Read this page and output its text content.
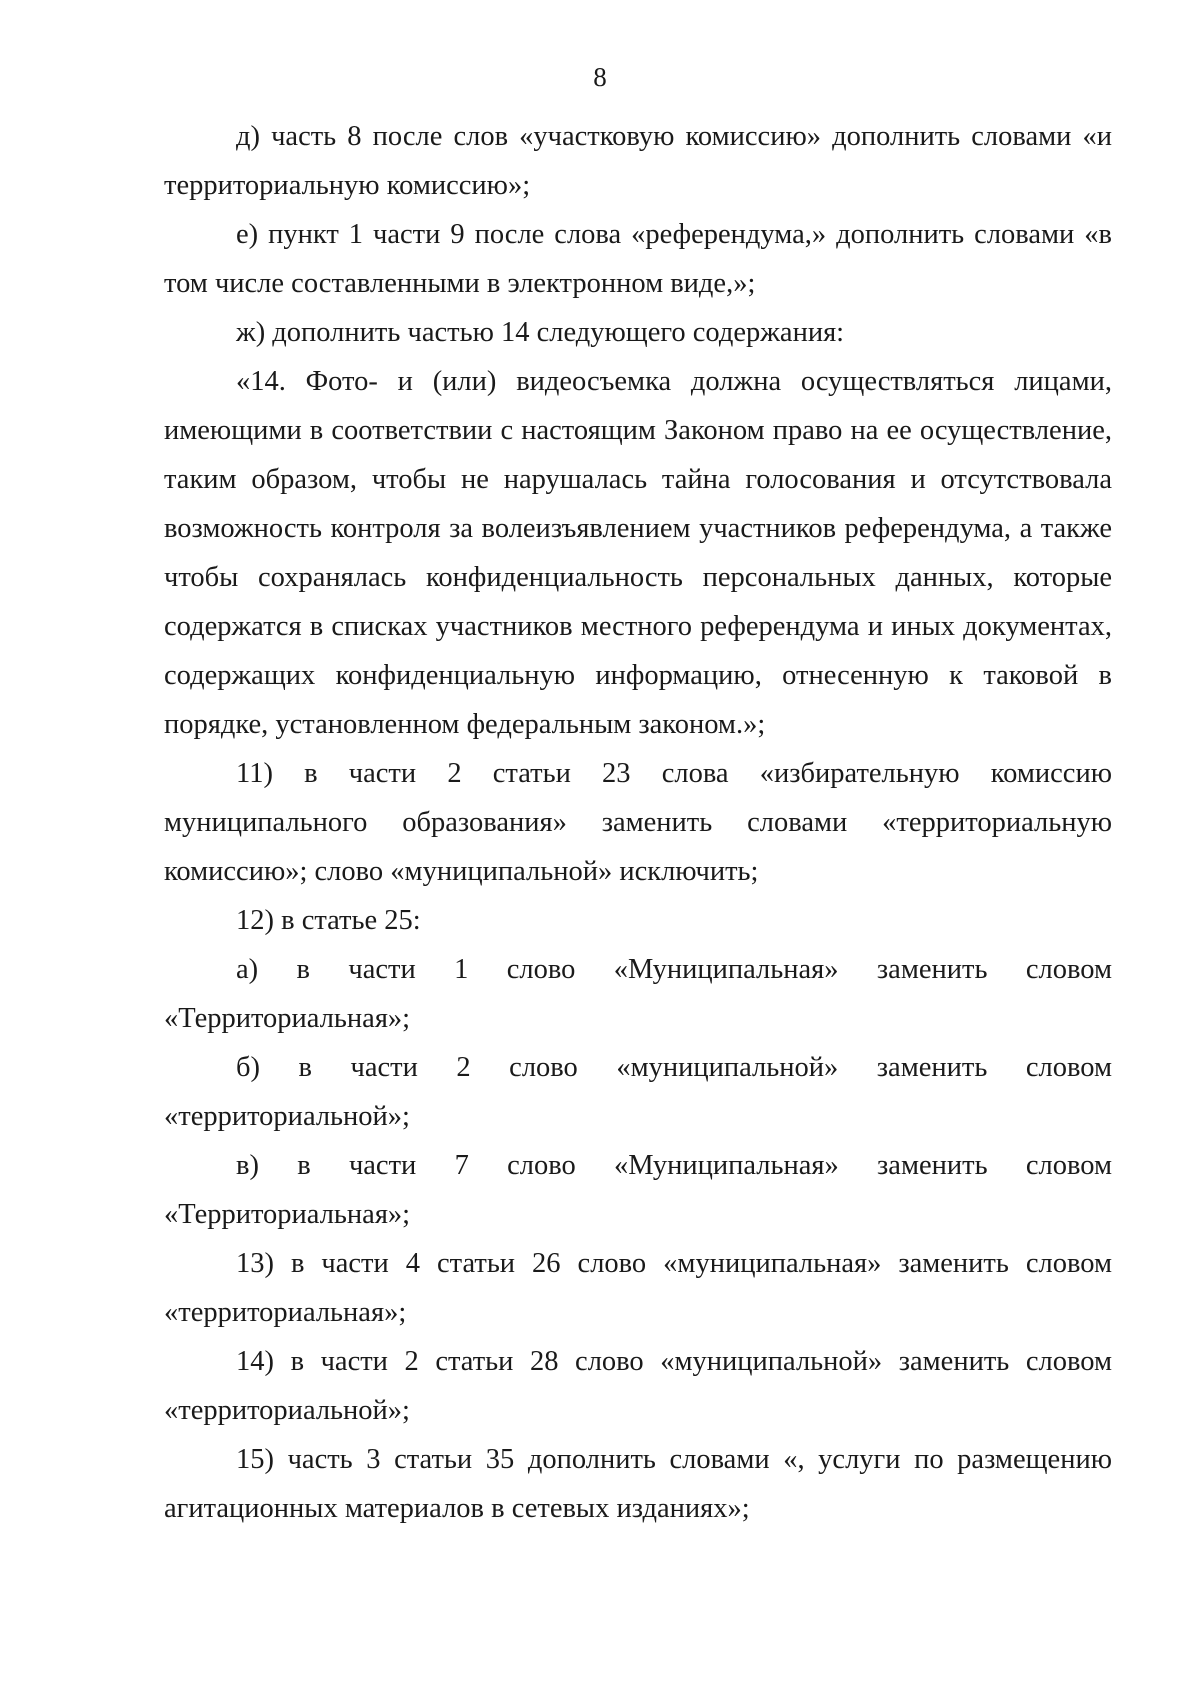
8

д) часть 8 после слов «участковую комиссию» дополнить словами «и территориальную комиссию»;

е) пункт 1 части 9 после слова «референдума,» дополнить словами «в том числе составленными в электронном виде,»;

ж) дополнить частью 14 следующего содержания:

«14. Фото- и (или) видеосъемка должна осуществляться лицами, имеющими в соответствии с настоящим Законом право на ее осуществление, таким образом, чтобы не нарушалась тайна голосования и отсутствовала возможность контроля за волеизъявлением участников референдума, а также чтобы сохранялась конфиденциальность персональных данных, которые содержатся в списках участников местного референдума и иных документах, содержащих конфиденциальную информацию, отнесенную к таковой в порядке, установленном федеральным законом.»;

11) в части 2 статьи 23 слова «избирательную комиссию муниципального образования» заменить словами «территориальную комиссию»; слово «муниципальной» исключить;

12) в статье 25:

а) в части 1 слово «Муниципальная» заменить словом «Территориальная»;

б) в части 2 слово «муниципальной» заменить словом «территориальной»;

в) в части 7 слово «Муниципальная» заменить словом «Территориальная»;

13) в части 4 статьи 26 слово «муниципальная» заменить словом «территориальная»;

14) в части 2 статьи 28 слово «муниципальной» заменить словом «территориальной»;

15) часть 3 статьи 35 дополнить словами «, услуги по размещению агитационных материалов в сетевых изданиях»;
